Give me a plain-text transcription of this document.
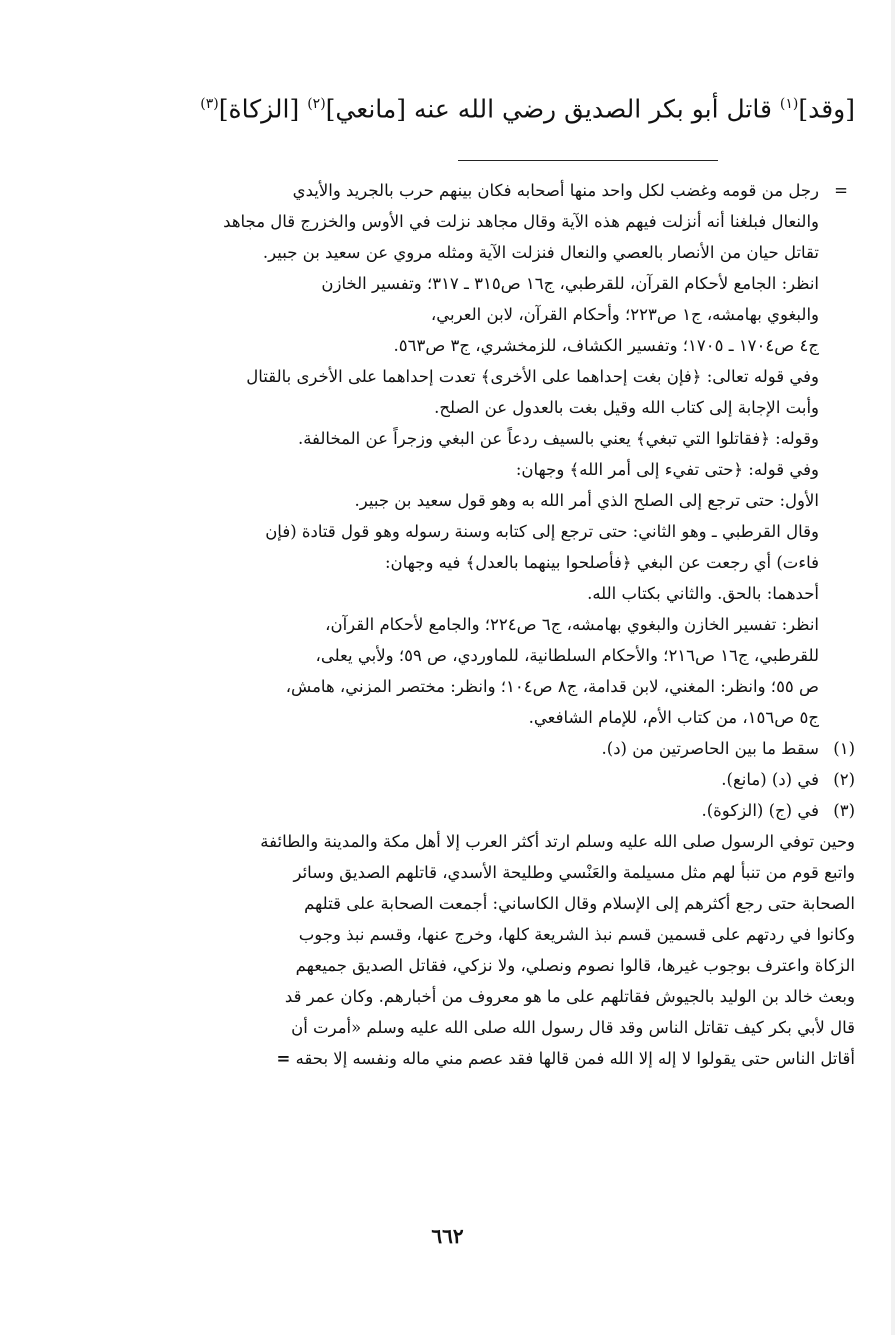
[وقد]$^{(١)}$ قاتل أبو بكر الصديق رضي الله عنه [مانعي]$^{(٢)}$ [الزكاة]$^{(٣)}$
=
رجل من قومه وغضب لكل واحد منها أصحابه فكان بينهم حرب بالجريد والأيدي
والنعال فبلغنا أنه أنزلت فيهم هذه الآية وقال مجاهد نزلت في الأوس والخزرج قال مجاهد
تقاتل حيان من الأنصار بالعصي والنعال فنزلت الآية ومثله مروي عن سعيد بن جبير.
انظر: الجامع لأحكام القرآن، للقرطبي، ج١٦ ص٣١٥ ـ ٣١٧؛ وتفسير الخازن
والبغوي بهامشه، ج١ ص٢٢٣؛ وأحكام القرآن، لابن العربي،
ج٤ ص١٧٠٤ ـ ١٧٠٥؛ وتفسير الكشاف، للزمخشري، ج٣ ص٥٦٣.
وفي قوله تعالى: ﴿فإن بغت إحداهما على الأخرى﴾ تعدت إحداهما على الأخرى بالقتال
وأبت الإجابة إلى كتاب الله وقيل بغت بالعدول عن الصلح.
وقوله: ﴿فقاتلوا التي تبغي﴾ يعني بالسيف ردعاً عن البغي وزجراً عن المخالفة.
وفي قوله: ﴿حتى تفيء إلى أمر الله﴾ وجهان:
الأول: حتى ترجع إلى الصلح الذي أمر الله به وهو قول سعيد بن جبير.
وقال القرطبي ـ وهو الثاني: حتى ترجع إلى كتابه وسنة رسوله وهو قول قتادة (فإن
فاءت) أي رجعت عن البغي ﴿فأصلحوا بينهما بالعدل﴾ فيه وجهان:
أحدهما: بالحق. والثاني بكتاب الله.
انظر: تفسير الخازن والبغوي بهامشه، ج٦ ص٢٢٤؛ والجامع لأحكام القرآن،
للقرطبي، ج١٦ ص٢١٦؛ والأحكام السلطانية، للماوردي، ص ٥٩؛ ولأبي يعلى،
ص ٥٥؛ وانظر: المغني، لابن قدامة، ج٨ ص١٠٤؛ وانظر: مختصر المزني، هامش،
ج٥ ص١٥٦، من كتاب الأم، للإمام الشافعي.
(١)
سقط ما بين الحاصرتين من (د).
(٢)
في (د) (مانع).
(٣)
في (ج) (الزكوة).
وحين توفي الرسول صلى الله عليه وسلم ارتد أكثر العرب إلا أهل مكة والمدينة والطائفة
واتبع قوم من تنبأ لهم مثل مسيلمة والعَنْسي وطليحة الأسدي، قاتلهم الصديق وسائر
الصحابة حتى رجع أكثرهم إلى الإسلام وقال الكاساني: أجمعت الصحابة على قتلهم
وكانوا في ردتهم على قسمين قسم نبذ الشريعة كلها، وخرج عنها، وقسم نبذ وجوب
الزكاة واعترف بوجوب غيرها، قالوا نصوم ونصلي، ولا نزكي، فقاتل الصديق جميعهم
وبعث خالد بن الوليد بالجيوش فقاتلهم على ما هو معروف من أخبارهم. وكان عمر قد
قال لأبي بكر كيف تقاتل الناس وقد قال رسول الله صلى الله عليه وسلم «أمرت أن
أقاتل الناس حتى يقولوا لا إله إلا الله فمن قالها فقد عصم مني ماله ونفسه إلا بحقه =
٦٦٢
